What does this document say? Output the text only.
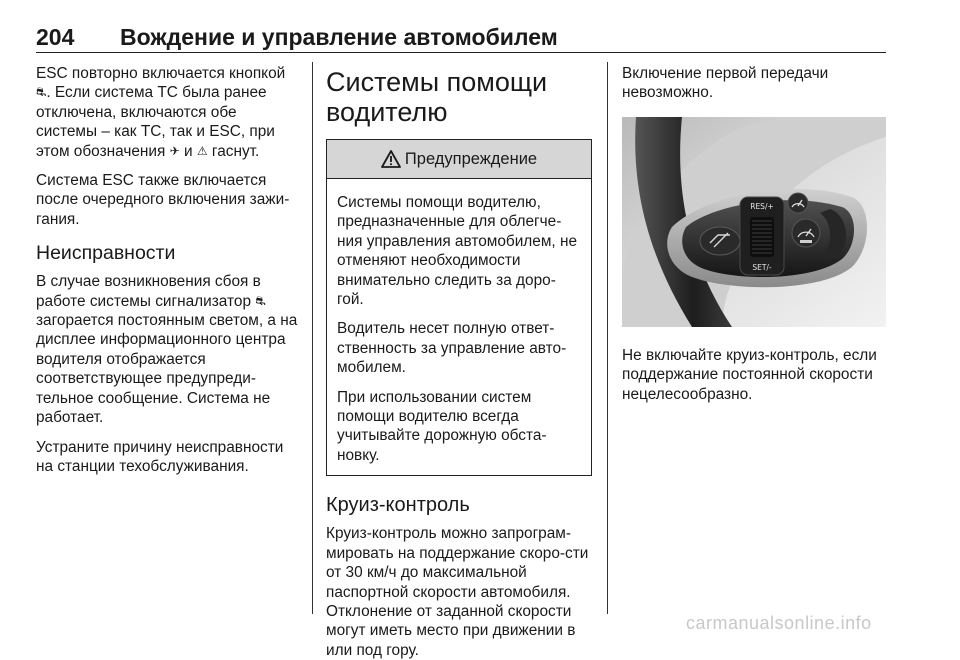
204 Вождение и управление автомобилем

ESC повторно включается кнопкой ⛐. Если система TC была ранее отключена, включаются обе системы – как TC, так и ESC, при этом обозначения ✈ и ⚠ гаснут.

Система ESC также включается после очередного включения зажи-гания.

Неисправности

В случае возникновения сбоя в работе системы сигнализатор ⛐ загорается постоянным светом, а на дисплее информационного центра водителя отображается соответствующее предупреди-тельное сообщение. Система не работает.

Устраните причину неисправности на станции техобслуживания.

Системы помощи водителю
Предупреждение

Системы помощи водителю, предназначенные для облегче-ния управления автомобилем, не отменяют необходимости внимательно следить за доро-гой.

Водитель несет полную ответ-ственность за управление авто-мобилем.

При использовании систем помощи водителю всегда учитывайте дорожную обста-новку.

Круиз-контроль

Круиз-контроль можно запрограм-мировать на поддержание скоро-сти от 30 км/ч до максимальной паспортной скорости автомобиля. Отклонение от заданной скорости могут иметь место при движении в или под гору.

Включение первой передачи невозможно.

RES/+
SET/-

Не включайте круиз-контроль, если поддержание постоянной скорости нецелесообразно.

carmanualsonline.info
